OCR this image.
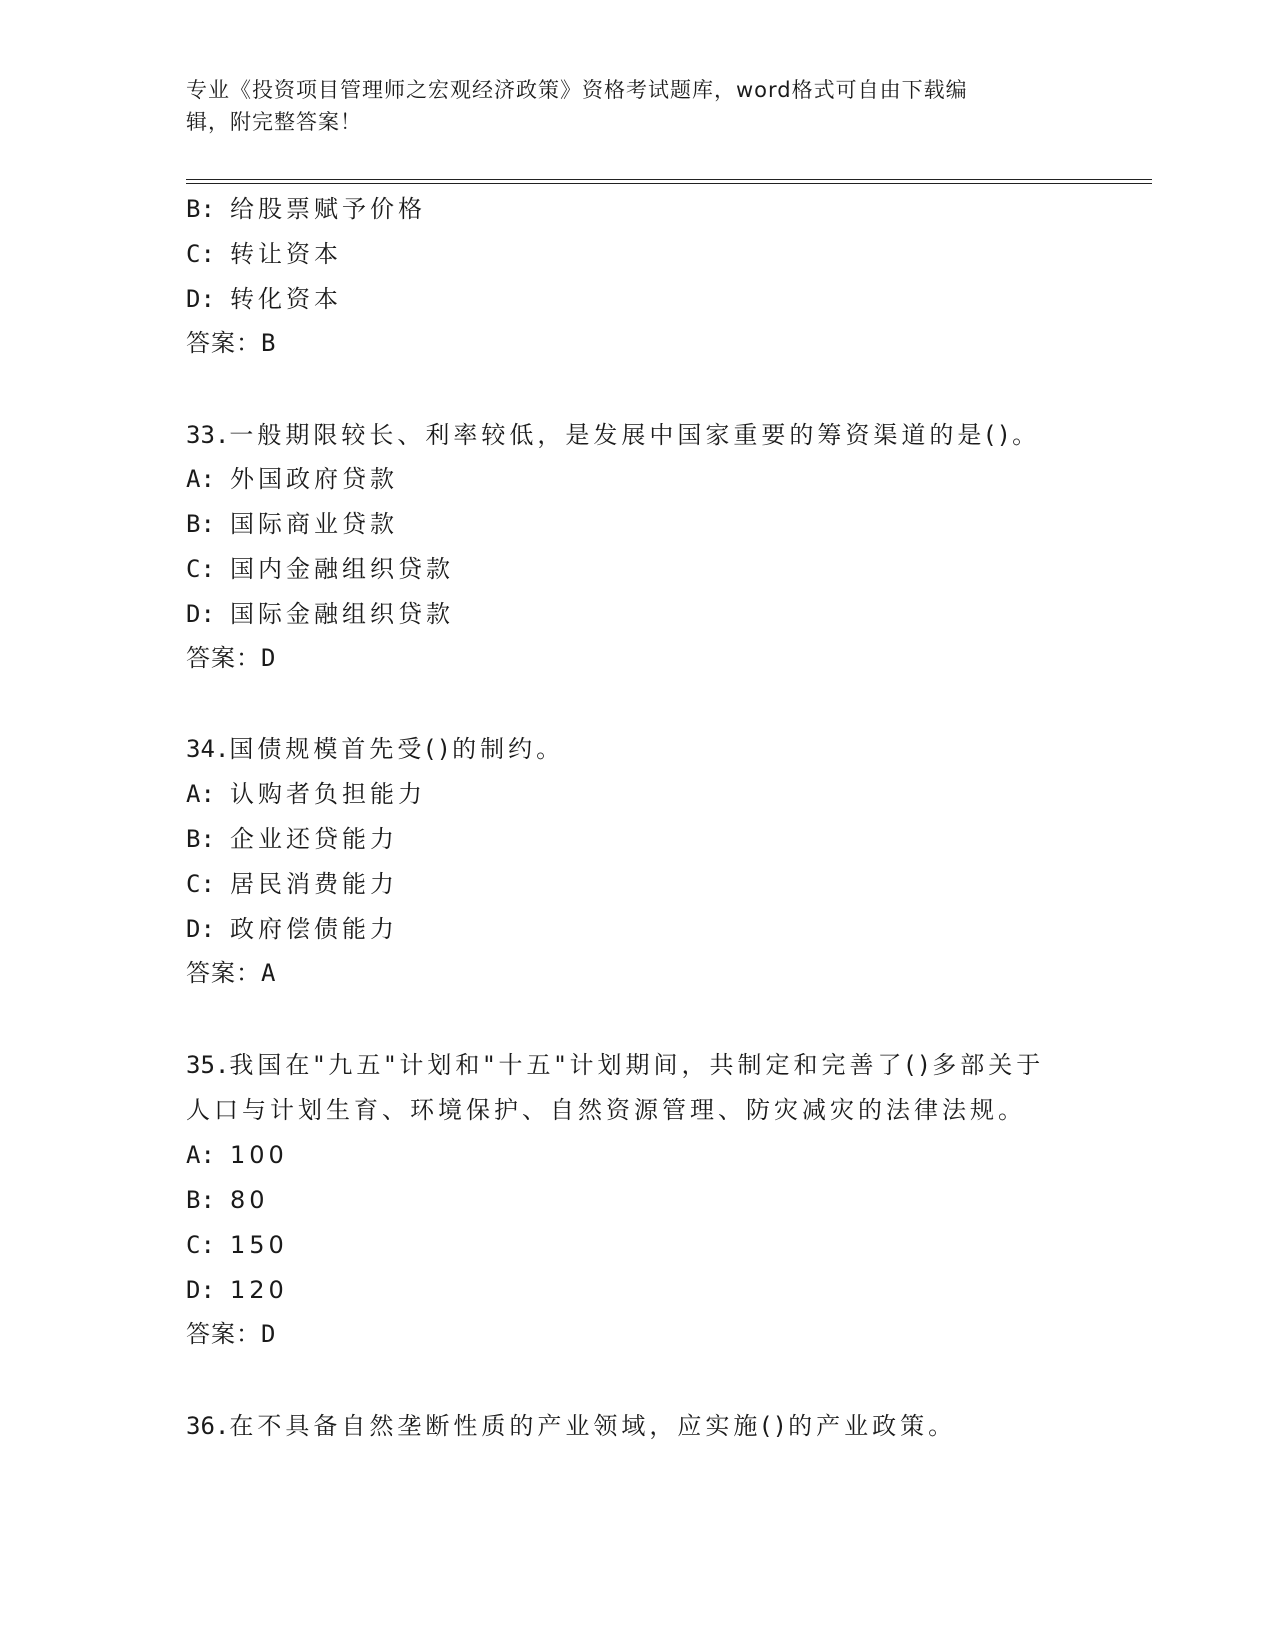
专业《投资项目管理师之宏观经济政策》资格考试题库，word格式可自由下载编
辑，附完整答案！
B: 给股票赋予价格
C: 转让资本
D: 转化资本
答案：B
33.一般期限较长、利率较低，是发展中国家重要的筹资渠道的是()。
A: 外国政府贷款
B: 国际商业贷款
C: 国内金融组织贷款
D: 国际金融组织贷款
答案：D
34.国债规模首先受()的制约。
A: 认购者负担能力
B: 企业还贷能力
C: 居民消费能力
D: 政府偿债能力
答案：A
35.我国在"九五"计划和"十五"计划期间，共制定和完善了()多部关于
人口与计划生育、环境保护、自然资源管理、防灾减灾的法律法规。
A: 100
B: 80
C: 150
D: 120
答案：D
36.在不具备自然垄断性质的产业领域，应实施()的产业政策。
